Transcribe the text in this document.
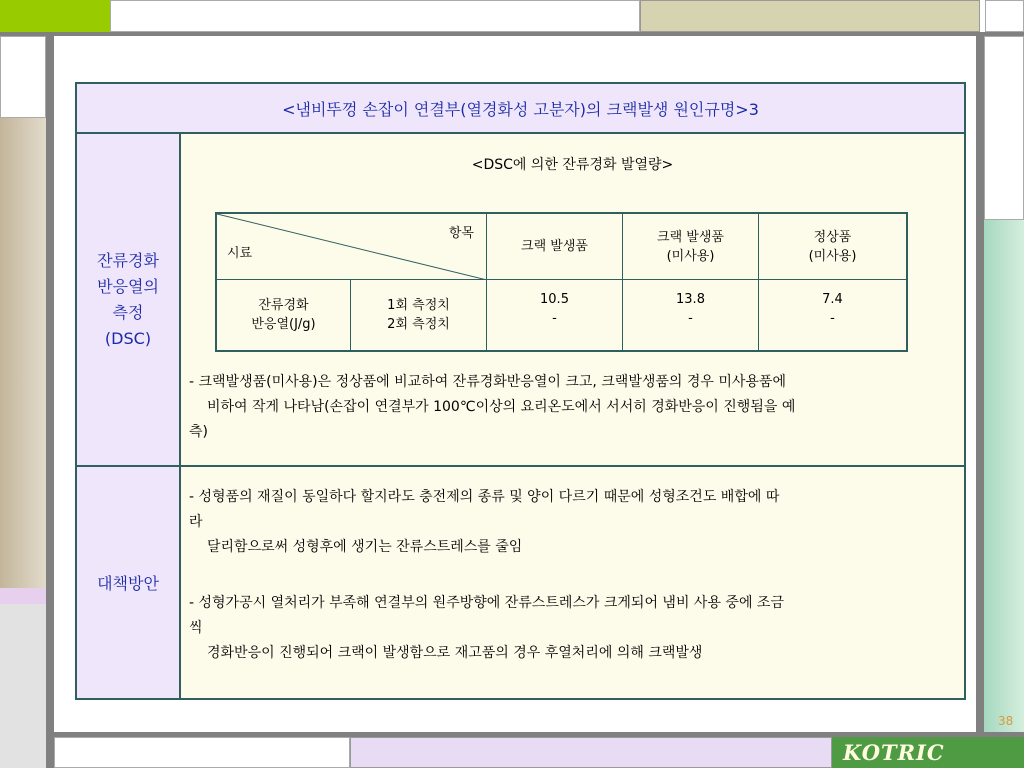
<냄비뚜껑 손잡이 연결부(열경화성 고분자)의 크랙발생 원인규명>3
잔류경화
반응열의
측정
(DSC)
<DSC에 의한 잔류경화 발열량>
항목
시료	크랙 발생품
크랙 발생품
(미사용)
정상품
(미사용)
잔류경화
반응열(J/g)
1회 측정치
2회 측정치
10.5
-
13.8
-
7.4
-
- 크랙발생품(미사용)은 정상품에 비교하여 잔류경화반응열이 크고, 크랙발생품의 경우 미사용품에
비하여 작게 나타남(손잡이 연결부가 100℃이상의 요리온도에서 서서히 경화반응이 진행됨을 예
측)
대책방안
- 성형품의 재질이 동일하다 할지라도 충전제의 종류 및 양이 다르기 때문에 성형조건도 배합에 따
라
달리함으로써 성형후에 생기는 잔류스트레스를 줄임
- 성형가공시 열처리가 부족해 연결부의 원주방향에 잔류스트레스가 크게되어 냄비 사용 중에 조금
씩
경화반응이 진행되어 크랙이 발생함으로 재고품의 경우 후열처리에 의해 크랙발생
38
KOTRIC
